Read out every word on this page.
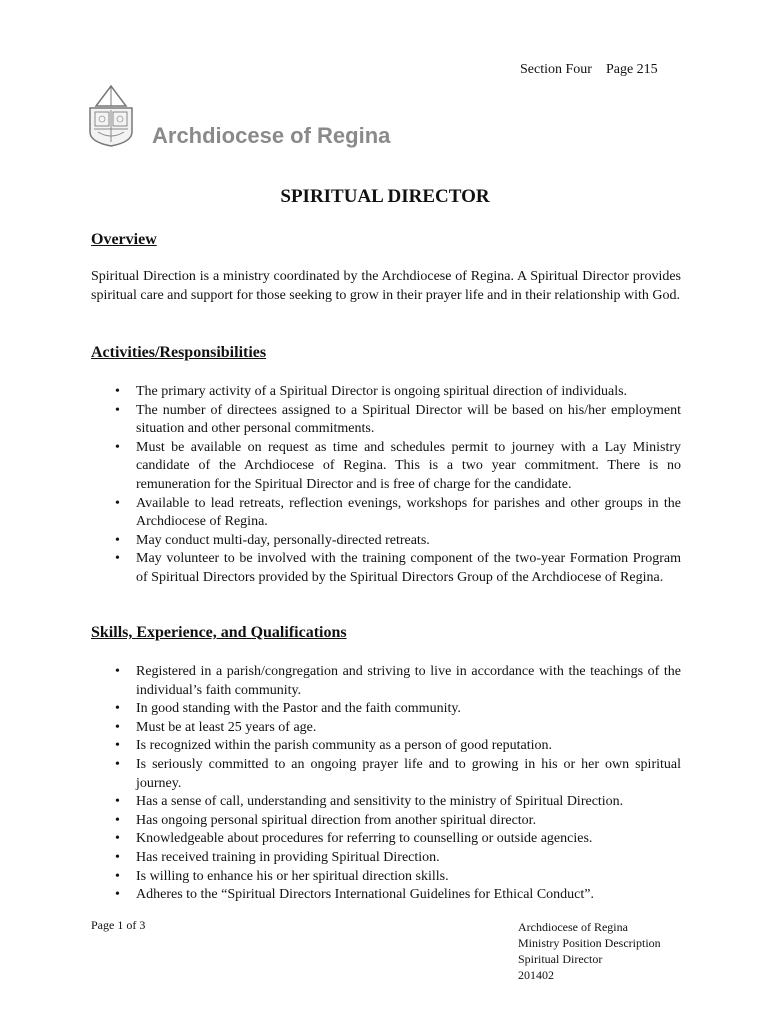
Section Four Page 215
Archdiocese of Regina
SPIRITUAL DIRECTOR
Overview
Spiritual Direction is a ministry coordinated by the Archdiocese of Regina. A Spiritual Director provides spiritual care and support for those seeking to grow in their prayer life and in their relationship with God.
Activities/Responsibilities
• The primary activity of a Spiritual Director is ongoing spiritual direction of individuals.
• The number of directees assigned to a Spiritual Director will be based on his/her employment situation and other personal commitments.
• Must be available on request as time and schedules permit to journey with a Lay Ministry candidate of the Archdiocese of Regina. This is a two year commitment. There is no remuneration for the Spiritual Director and is free of charge for the candidate.
• Available to lead retreats, reflection evenings, workshops for parishes and other groups in the Archdiocese of Regina.
• May conduct multi-day, personally-directed retreats.
• May volunteer to be involved with the training component of the two-year Formation Program of Spiritual Directors provided by the Spiritual Directors Group of the Archdiocese of Regina.
Skills, Experience, and Qualifications
• Registered in a parish/congregation and striving to live in accordance with the teachings of the individual’s faith community.
• In good standing with the Pastor and the faith community.
• Must be at least 25 years of age.
• Is recognized within the parish community as a person of good reputation.
• Is seriously committed to an ongoing prayer life and to growing in his or her own spiritual journey.
• Has a sense of call, understanding and sensitivity to the ministry of Spiritual Direction.
• Has ongoing personal spiritual direction from another spiritual director.
• Knowledgeable about procedures for referring to counselling or outside agencies.
• Has received training in providing Spiritual Direction.
• Is willing to enhance his or her spiritual direction skills.
• Adheres to the “Spiritual Directors International Guidelines for Ethical Conduct”.
Page 1 of 3	Archdiocese of Regina
Ministry Position Description
Spiritual Director
201402
